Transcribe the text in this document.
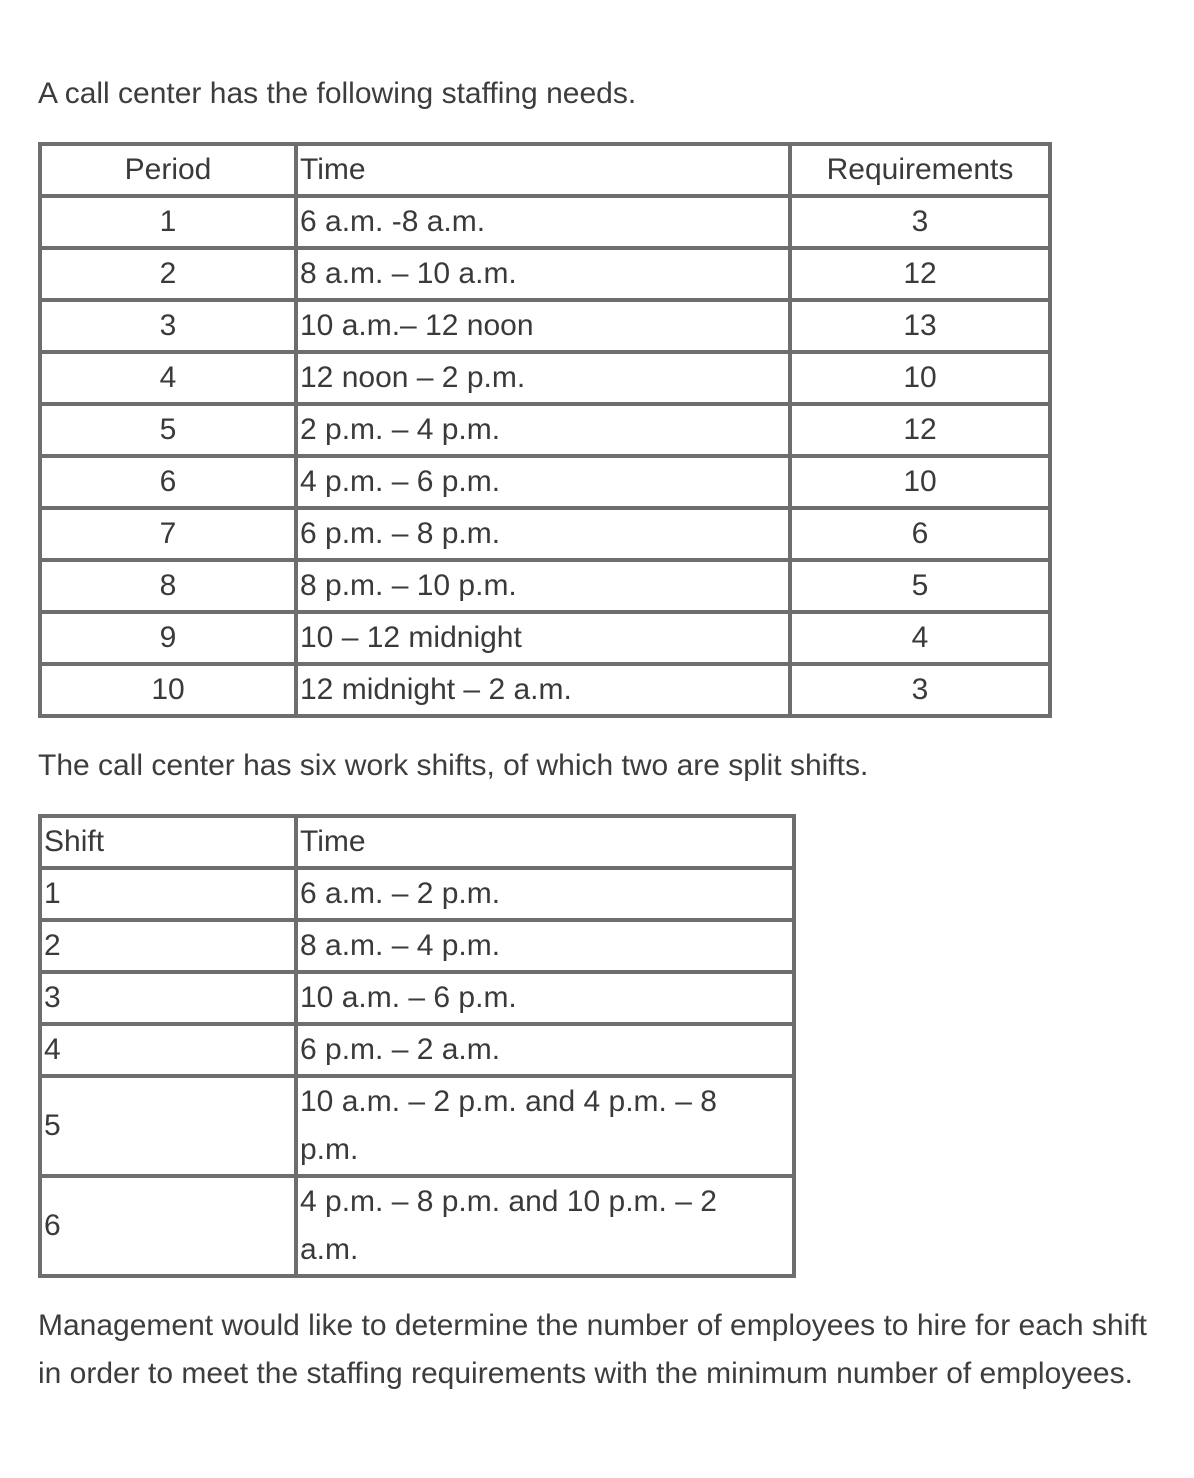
A call center has the following staffing needs.

Period	Time	Requirements
1	6 a.m. -8 a.m.	3
2	8 a.m. – 10 a.m.	12
3	10 a.m.– 12 noon	13
4	12 noon – 2 p.m.	10
5	2 p.m. – 4 p.m.	12
6	4 p.m. – 6 p.m.	10
7	6 p.m. – 8 p.m.	6
8	8 p.m. – 10 p.m.	5
9	10 – 12 midnight	4
10	12 midnight – 2 a.m.	3

The call center has six work shifts, of which two are split shifts.

Shift	Time
1	6 a.m. – 2 p.m.
2	8 a.m. – 4 p.m.
3	10 a.m. – 6 p.m.
4	6 p.m. – 2 a.m.
5	10 a.m. – 2 p.m. and 4 p.m. – 8
p.m.

6	4 p.m. – 8 p.m. and 10 p.m. – 2
a.m.

Management would like to determine the number of employees to hire for each shift in order to meet the staffing requirements with the minimum number of employees.
